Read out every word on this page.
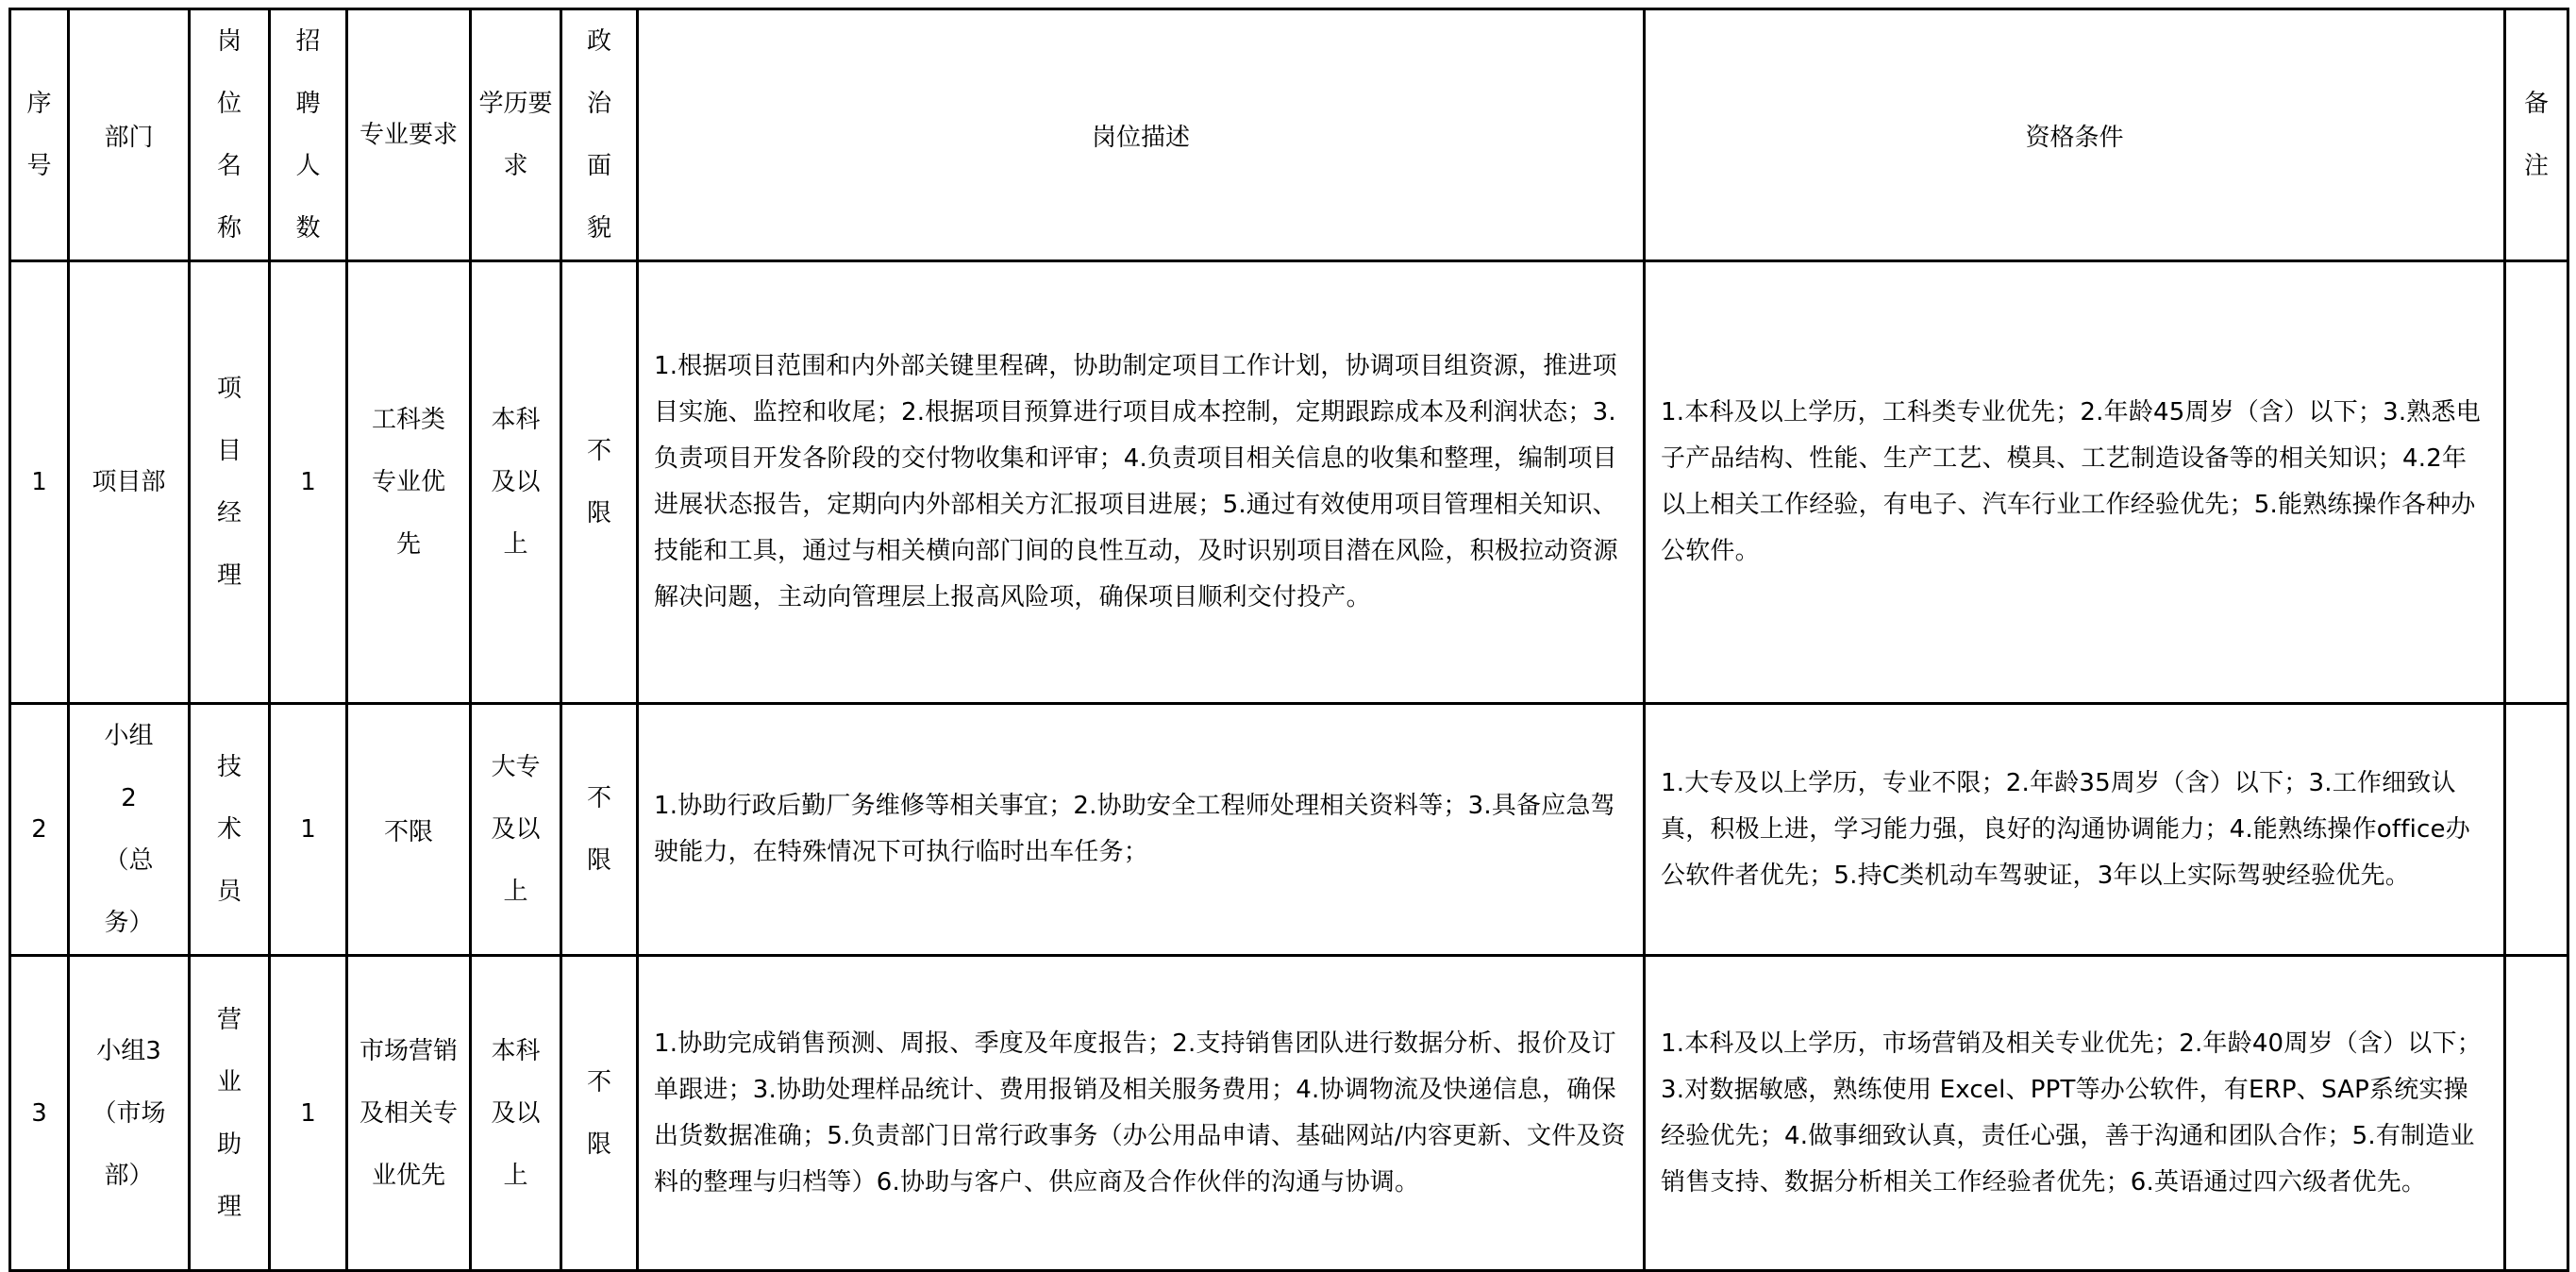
序号	部门	岗位名称	招聘人数	专业要求	学历要求	政治面貌	岗位描述	资格条件	备注
1	项目部	项目经理	1	工科类专业优先	本科及以上	不限	1.根据项目范围和内外部关键里程碑，协助制定项目工作计划，协调项目组资源，推进项目实施、监控和收尾；2.根据项目预算进行项目成本控制，定期跟踪成本及利润状态；3.负责项目开发各阶段的交付物收集和评审；4.负责项目相关信息的收集和整理，编制项目进展状态报告，定期向内外部相关方汇报项目进展；5.通过有效使用项目管理相关知识、技能和工具，通过与相关横向部门间的良性互动，及时识别项目潜在风险，积极拉动资源解决问题，主动向管理层上报高风险项，确保项目顺利交付投产。	1.本科及以上学历，工科类专业优先；2.年龄45周岁（含）以下；3.熟悉电子产品结构、性能、生产工艺、模具、工艺制造设备等的相关知识；4.2年以上相关工作经验，有电子、汽车行业工作经验优先；5.能熟练操作各种办公软件。	

2	小组2（总务）	技术员	1	不限	大专及以上	不限	1.协助行政后勤厂务维修等相关事宜；2.协助安全工程师处理相关资料等；3.具备应急驾驶能力，在特殊情况下可执行临时出车任务；	1.大专及以上学历，专业不限；2.年龄35周岁（含）以下；3.工作细致认真，积极上进，学习能力强，良好的沟通协调能力；4.能熟练操作office办公软件者优先；5.持C类机动车驾驶证，3年以上实际驾驶经验优先。	

3	小组3（市场部）	营业助理	1	市场营销及相关专业优先	本科及以上	不限	1.协助完成销售预测、周报、季度及年度报告；2.支持销售团队进行数据分析、报价及订单跟进；3.协助处理样品统计、费用报销及相关服务费用；4.协调物流及快递信息，确保出货数据准确；5.负责部门日常行政事务（办公用品申请、基础网站/内容更新、文件及资料的整理与归档等）6.协助与客户、供应商及合作伙伴的沟通与协调。	1.本科及以上学历，市场营销及相关专业优先；2.年龄40周岁（含）以下；3.对数据敏感，熟练使用 Excel、PPT等办公软件，有ERP、SAP系统实操经验优先；4.做事细致认真，责任心强，善于沟通和团队合作；5.有制造业销售支持、数据分析相关工作经验者优先；6.英语通过四六级者优先。	
